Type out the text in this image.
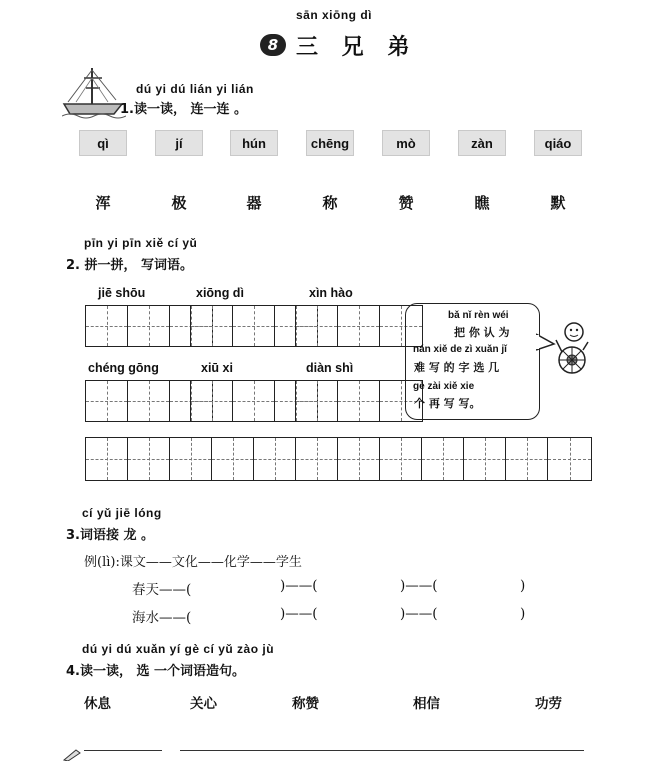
sān xiōng dì
8 三 兄 弟
dú yi dú lián yi lián
1.读一读， 连一连 。
qì	jí	hún	chēng	mò	zàn	qiáo
浑	极	器	称	赞	瞧	默
pīn yi pīn xiě cí yǔ
2. 拼一拼， 写词语。
jiē shōu	xiōng dì	xìn hào
chéng gōng	xiū xi	diàn shì
bǎ nǐ rèn wéi
把 你 认 为
nán xiě de zì xuǎn jǐ
难 写 的 字 选 几
gè zài xiě xie
个 再 写 写。
cí yǔ jiē lóng
3.词语接 龙 。
例(lì):课文——文化——化学——学生
春天——(	)——(	)——(	)
海水——(	)——(	)——(	)
dú yi dú xuǎn yí gè cí yǔ zào jù
4.读一读， 选 一个词语造句。
休息	关心	称赞	相信	功劳
